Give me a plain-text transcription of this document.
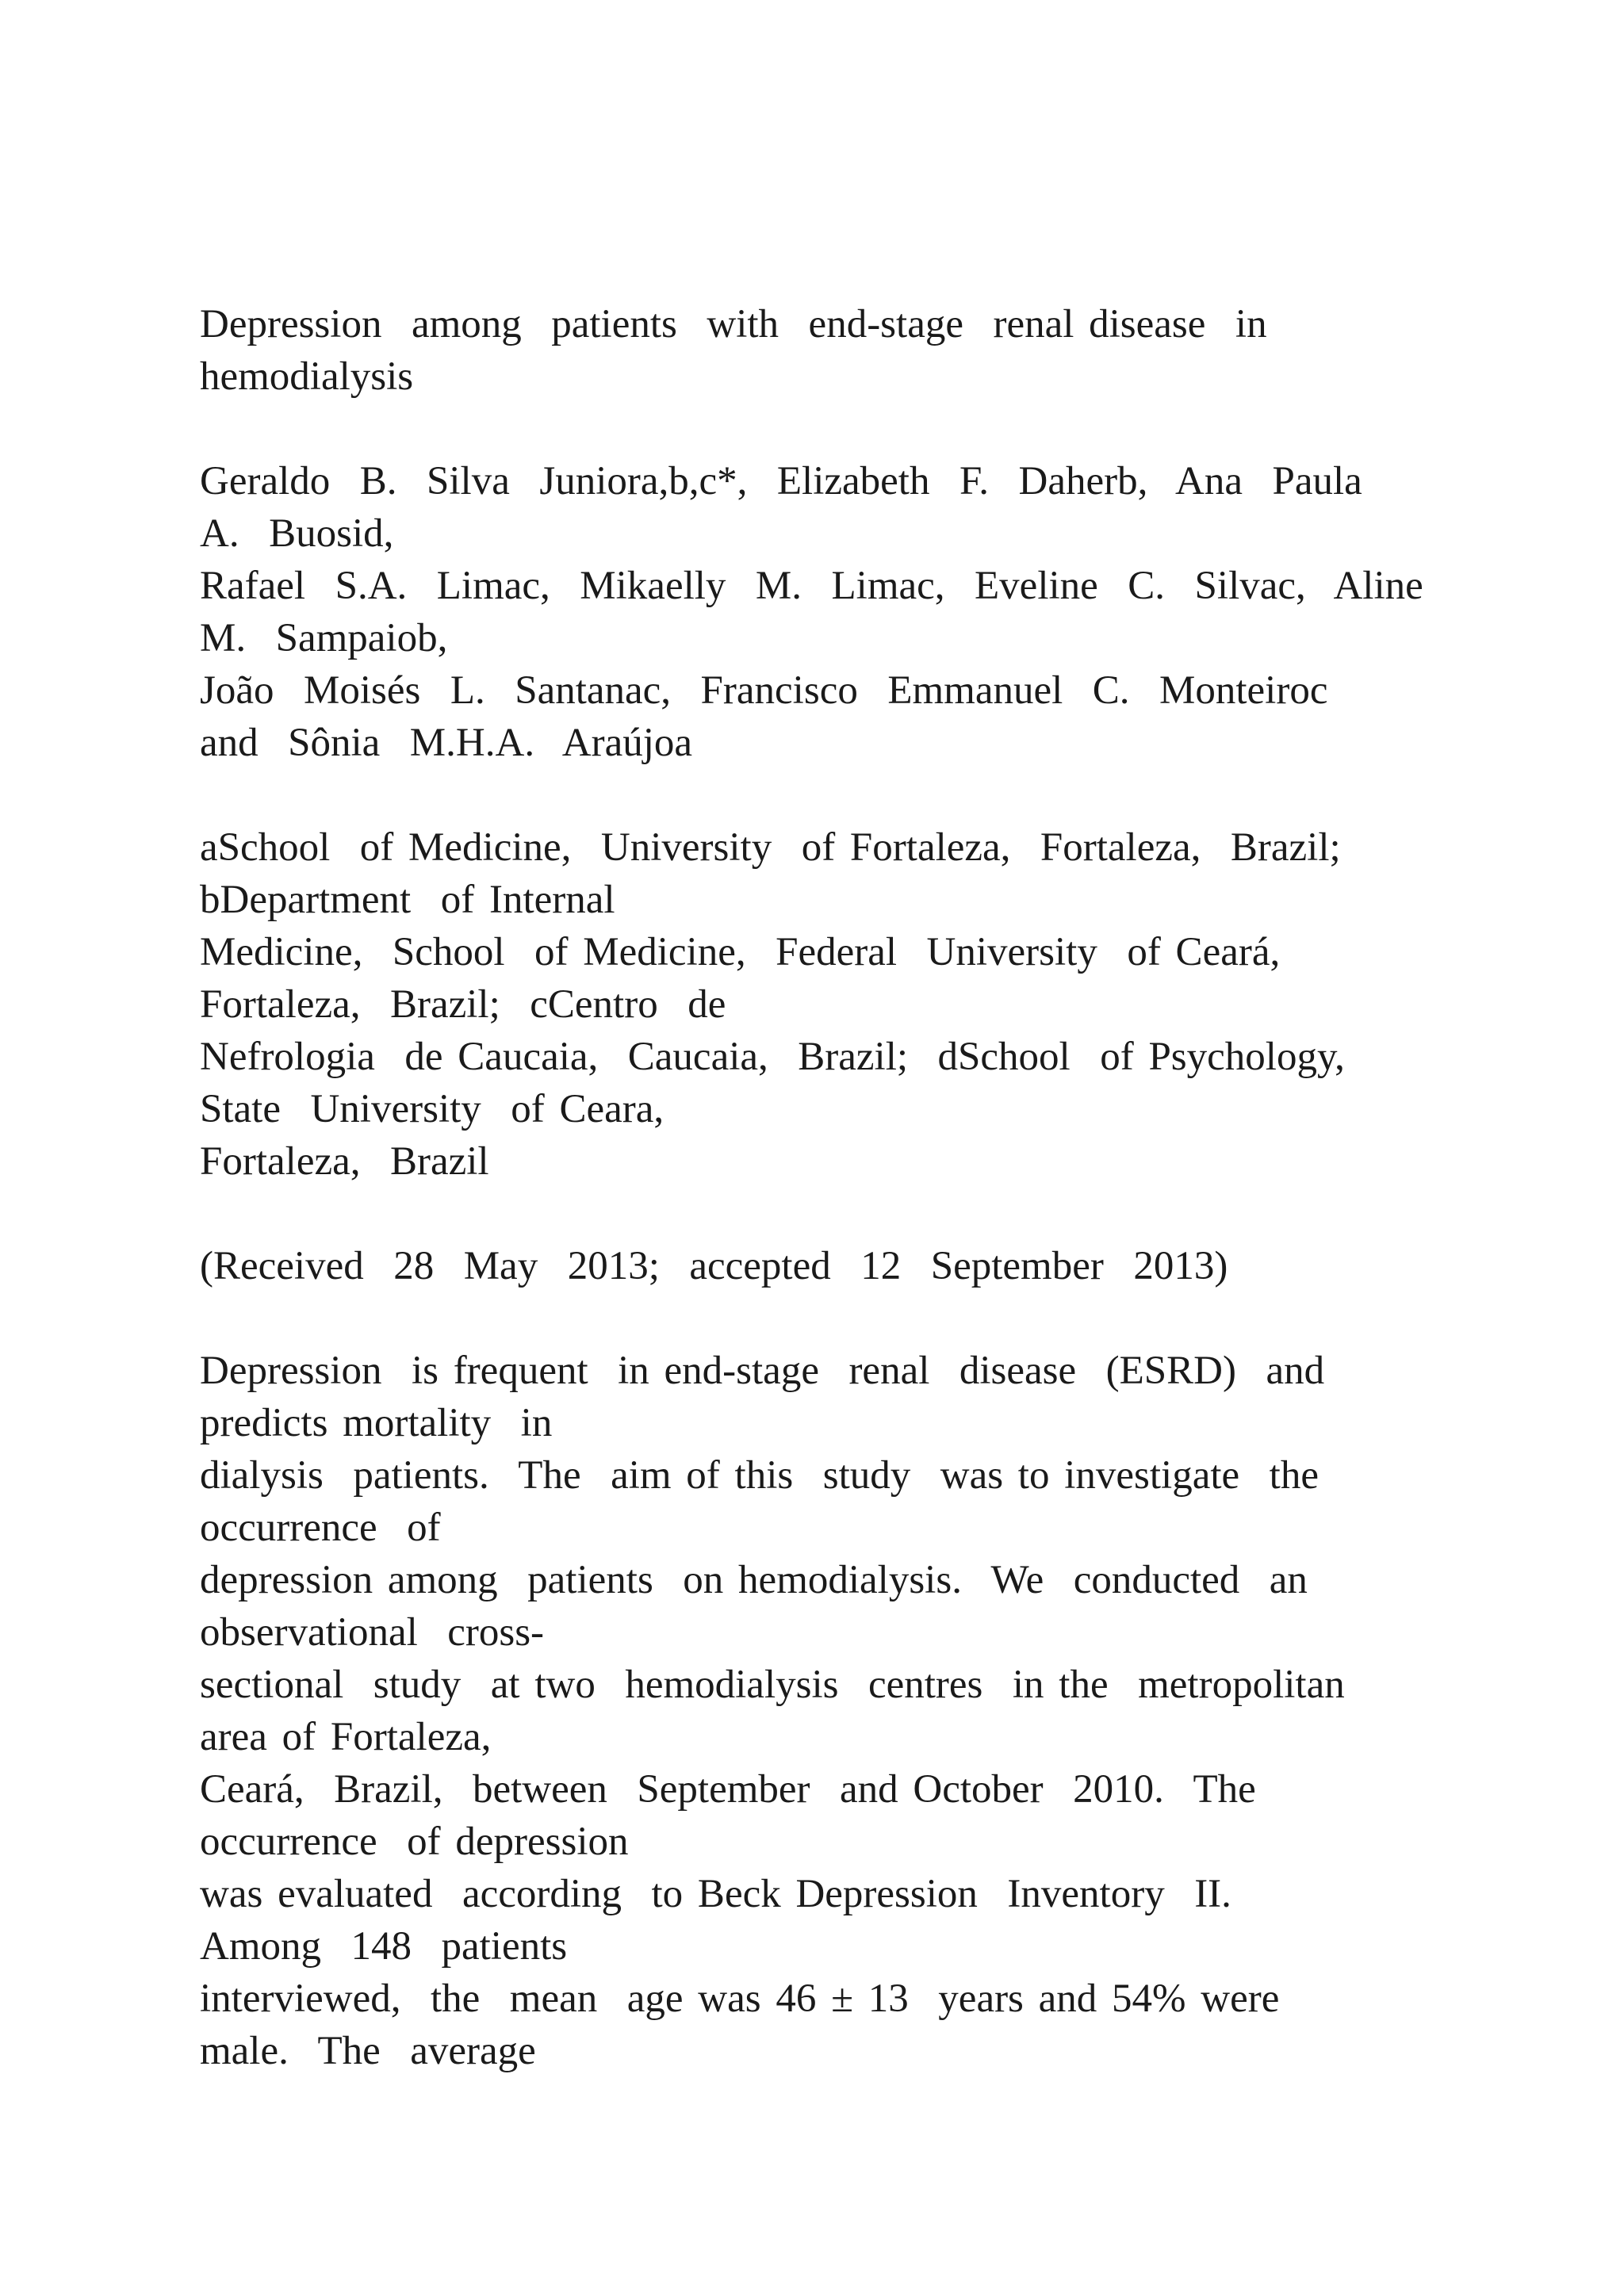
Depression  among  patients  with  end-stage  renal disease  in
hemodialysis
Geraldo  B.  Silva  Juniora,b,c*,  Elizabeth  F.  Daherb,  Ana  Paula
A.  Buosid,
Rafael  S.A.  Limac,  Mikaelly  M.  Limac,  Eveline  C.  Silvac,  Aline
M.  Sampaiob,
João  Moisés  L.  Santanac,  Francisco  Emmanuel  C.  Monteiroc
and  Sônia  M.H.A.  Araújoa
aSchool  of Medicine,  University  of Fortaleza,  Fortaleza,  Brazil;
bDepartment  of Internal
Medicine,  School  of Medicine,  Federal  University  of Ceará,
Fortaleza,  Brazil;  cCentro  de
Nefrologia  de Caucaia,  Caucaia,  Brazil;  dSchool  of Psychology,
State  University  of Ceara,
Fortaleza,  Brazil
(Received  28  May  2013;  accepted  12  September  2013)
Depression  is frequent  in end-stage  renal  disease  (ESRD)  and
predicts mortality  in
dialysis  patients.  The  aim of this  study  was to investigate  the
occurrence  of
depression among  patients  on hemodialysis.  We  conducted  an
observational  cross-
sectional  study  at two  hemodialysis  centres  in the  metropolitan
area of Fortaleza,
Ceará,  Brazil,  between  September  and October  2010.  The
occurrence  of depression
was evaluated  according  to Beck Depression  Inventory  II.
Among  148  patients
interviewed,  the  mean  age was 46 ± 13  years and 54% were
male.  The  average
